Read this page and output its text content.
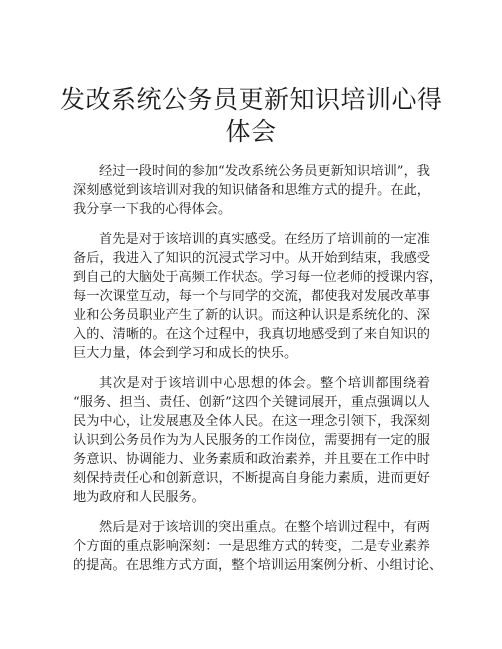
发改系统公务员更新知识培训心得
体会

经过一段时间的参加“发改系统公务员更新知识培训”，我
深刻感觉到该培训对我的知识储备和思维方式的提升。在此，
我分享一下我的心得体会。

首先是对于该培训的真实感受。在经历了培训前的一定准
备后，我进入了知识的沉浸式学习中。从开始到结束，我感受
到自己的大脑处于高频工作状态。学习每一位老师的授课内容，
每一次课堂互动，每一个与同学的交流，都使我对发展改革事
业和公务员职业产生了新的认识。而这种认识是系统化的、深
入的、清晰的。在这个过程中，我真切地感受到了来自知识的
巨大力量，体会到学习和成长的快乐。

其次是对于该培训中心思想的体会。整个培训都围绕着
“服务、担当、责任、创新”这四个关键词展开，重点强调以人
民为中心，让发展惠及全体人民。在这一理念引领下，我深刻
认识到公务员作为为人民服务的工作岗位，需要拥有一定的服
务意识、协调能力、业务素质和政治素养，并且要在工作中时
刻保持责任心和创新意识，不断提高自身能力素质，进而更好
地为政府和人民服务。

然后是对于该培训的突出重点。在整个培训过程中，有两
个方面的重点影响深刻：一是思维方式的转变，二是专业素养
的提高。在思维方式方面，整个培训运用案例分析、小组讨论、
